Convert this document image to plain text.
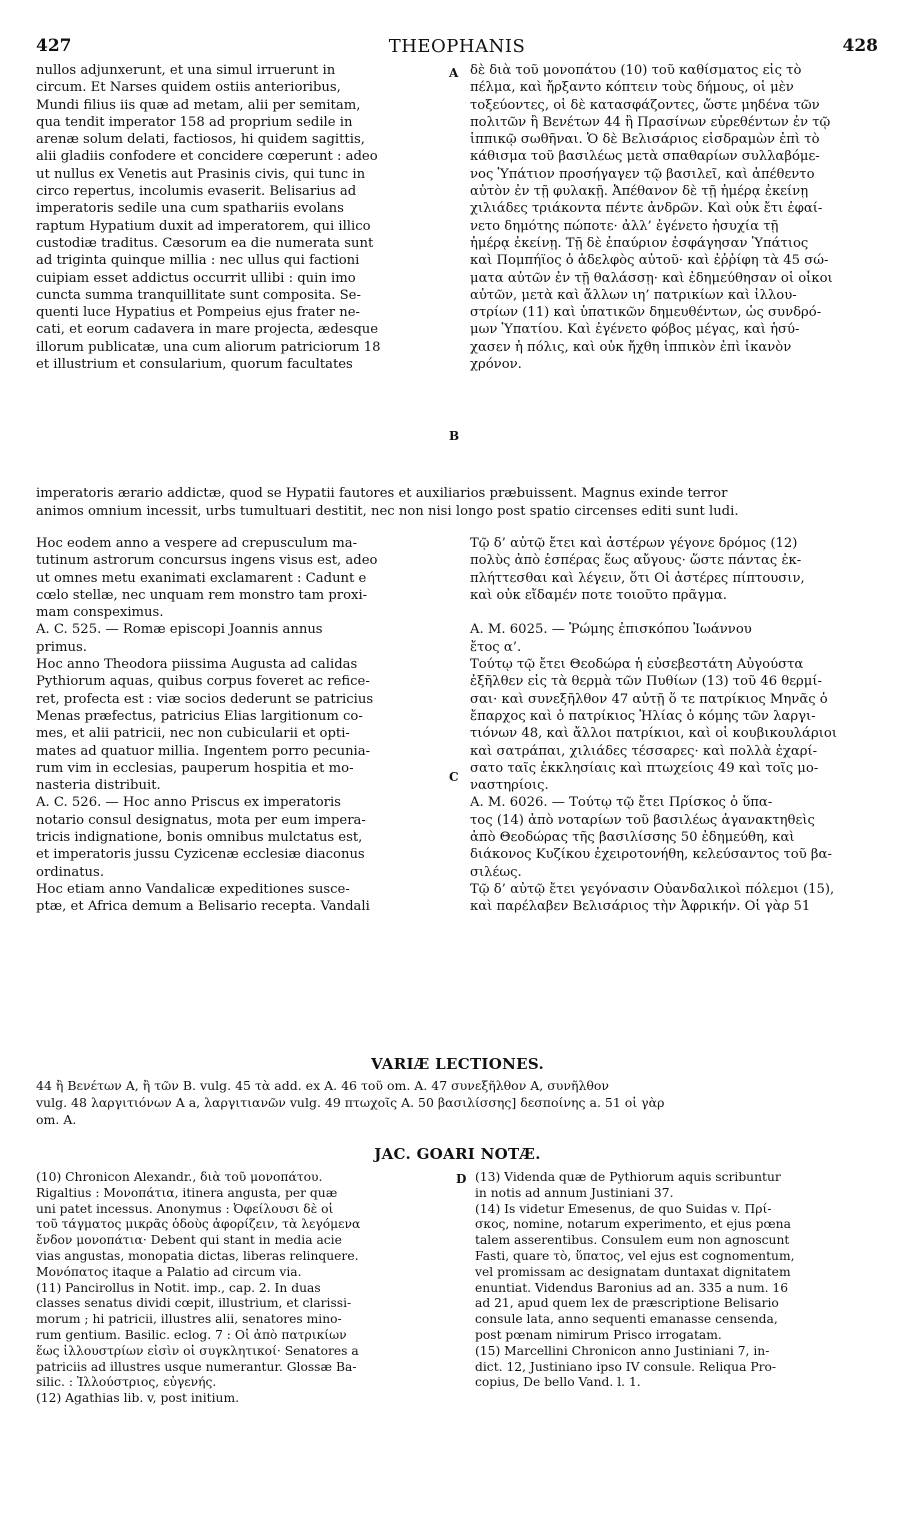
427	THEOPHANIS	428
nullos adjunxerunt, et una simul irruerunt in
circum. Et Narses quidem ostiis anterioribus,
Mundi filius iis quæ ad metam, alii per semitam,
qua tendit imperator 158 ad proprium sedile in
arenæ solum delati, factiosos, hi quidem sagittis,
alii gladiis confodere et concidere cœperunt : adeo
ut nullus ex Venetis aut Prasinis civis, qui tunc in
circo repertus, incolumis evaserit. Belisarius ad
imperatoris sedile una cum spathariis evolans
raptum Hypatium duxit ad imperatorem, qui illico
custodiæ traditus. Cæsorum ea die numerata sunt
ad triginta quinque millia : nec ullus qui factioni
cuipiam esset addictus occurrit ullibi : quin imo
cuncta summa tranquillitate sunt composita. Se-
quenti luce Hypatius et Pompeius ejus frater ne-
cati, et eorum cadavera in mare projecta, ædesque
illorum publicatæ, una cum aliorum patriciorum 18
et illustrium et consularium, quorum facultates
δὲ διὰ τοῦ μονοπάτου (10) τοῦ καθίσματος εἰς τὸ
πέλμα, καὶ ἤρξαντο κόπτειν τοὺς δήμους, οἱ μὲν
τοξεύοντες, οἱ δὲ κατασφάζοντες, ὥστε μηδένα τῶν
πολιτῶν ἢ Βενέτων 44 ἢ Πρασίνων εὑρεθέντων ἐν τῷ
ἱππικῷ σωθῆναι. Ὁ δὲ Βελισάριος εἰσδραμὼν ἐπὶ τὸ
κάθισμα τοῦ βασιλέως μετὰ σπαθαρίων συλλαβόμε-
νος Ὑπάτιον προσήγαγεν τῷ βασιλεῖ, καὶ ἀπέθεντο
αὐτὸν ἐν τῇ φυλακῇ. Ἀπέθανον δὲ τῇ ἡμέρᾳ ἐκείνῃ
χιλιάδες τριάκοντα πέντε ἀνδρῶν. Καὶ οὐκ ἔτι ἐφαί-
νετο δημότης πώποτε· ἀλλ’ ἐγένετο ἡσυχία τῇ
ἡμέρᾳ ἐκείνῃ. Τῇ δὲ ἐπαύριον ἐσφάγησαν Ὑπάτιος
καὶ Πομπήϊος ὁ ἀδελφὸς αὐτοῦ· καὶ ἐῤῥίφη τὰ 45 σώ-
ματα αὐτῶν ἐν τῇ θαλάσσῃ· καὶ ἐδημεύθησαν οἱ οἶκοι
αὐτῶν, μετὰ καὶ ἄλλων ιη’ πατρικίων καὶ ἰλλου-
στρίων (11) καὶ ὑπατικῶν δημευθέντων, ὡς συνδρό-
μων Ὑπατίου. Καὶ ἐγένετο φόβος μέγας, καὶ ἡσύ-
χασεν ἡ πόλις, καὶ οὐκ ἤχθη ἱππικὸν ἐπὶ ἱκανὸν
χρόνον.
A
B
C
imperatoris ærario addictæ, quod se Hypatii fautores et auxiliarios præbuissent. Magnus exinde terror
animos omnium incessit, urbs tumultuari destitit, nec non nisi longo post spatio circenses editi sunt ludi.
Hoc eodem anno a vespere ad crepusculum ma-
tutinum astrorum concursus ingens visus est, adeo
ut omnes metu exanimati exclamarent : Cadunt e
cœlo stellæ, nec unquam rem monstro tam proxi-
mam conspeximus.
A. C. 525. — Romæ episcopi Joannis annus
primus.
Hoc anno Theodora piissima Augusta ad calidas
Pythiorum aquas, quibus corpus foveret ac refice-
ret, profecta est : viæ socios dederunt se patricius
Menas præfectus, patricius Elias largitionum co-
mes, et alii patricii, nec non cubicularii et opti-
mates ad quatuor millia. Ingentem porro pecunia-
rum vim in ecclesias, pauperum hospitia et mo-
nasteria distribuit.
A. C. 526. — Hoc anno Priscus ex imperatoris
notario consul designatus, mota per eum impera-
tricis indignatione, bonis omnibus mulctatus est,
et imperatoris jussu Cyzicenæ ecclesiæ diaconus
ordinatus.
Hoc etiam anno Vandalicæ expeditiones susce-
ptæ, et Africa demum a Belisario recepta. Vandali
Τῷ δ’ αὐτῷ ἔτει καὶ ἀστέρων γέγονε δρόμος (12)
πολὺς ἀπὸ ἑσπέρας ἕως αὔγους· ὥστε πάντας ἐκ-
πλήττεσθαι καὶ λέγειν, ὅτι Οἱ ἀστέρες πίπτουσιν,
καὶ οὐκ εἴδαμέν ποτε τοιοῦτο πρᾶγμα.

A. M. 6025. — Ῥώμης ἐπισκόπου Ἰωάννου
ἔτος α’.
Τούτῳ τῷ ἔτει Θεοδώρα ἡ εὐσεβεστάτη Αὐγούστα
ἐξῆλθεν εἰς τὰ θερμὰ τῶν Πυθίων (13) τοῦ 46 θερμί-
σαι· καὶ συνεξῆλθον 47 αὐτῇ ὅ τε πατρίκιος Μηνᾶς ὁ
ἔπαρχος καὶ ὁ πατρίκιος Ἠλίας ὁ κόμης τῶν λαργι-
τιόνων 48, καὶ ἄλλοι πατρίκιοι, καὶ οἱ κουβικουλάριοι
καὶ σατράπαι, χιλιάδες τέσσαρες· καὶ πολλὰ ἐχαρί-
σατο ταῖς ἐκκλησίαις καὶ πτωχείοις 49 καὶ τοῖς μο-
ναστηρίοις.
A. M. 6026. — Τούτῳ τῷ ἔτει Πρίσκος ὁ ὕπα-
τος (14) ἀπὸ νοταρίων τοῦ βασιλέως ἀγανακτηθεὶς
ἀπὸ Θεοδώρας τῆς βασιλίσσης 50 ἐδημεύθη, καὶ
διάκονος Κυζίκου ἐχειροτονήθη, κελεύσαντος τοῦ βα-
σιλέως.
Τῷ δ’ αὐτῷ ἔτει γεγόνασιν Οὐανδαλικοὶ πόλεμοι (15),
καὶ παρέλαβεν Βελισάριος τὴν Ἀφρικήν. Οἱ γὰρ 51
VARIÆ LECTIONES.
44 ἢ Βενέτων A, ἢ τῶν B. vulg. 45 τὰ add. ex A. 46 τοῦ om. A. 47 συνεξῆλθον A, συνῆλθον
vulg. 48 λαργιτιόνων A a, λαργιτιανῶν vulg. 49 πτωχοῖς A. 50 βασιλίσσης] δεσποίνης a. 51 οἱ γὰρ
om. A.
JAC. GOARI NOTÆ.
D
(10) Chronicon Alexandr., διὰ τοῦ μονοπάτου.
Rigaltius : Μονοπάτια, itinera angusta, per quæ
uni patet incessus. Anonymus : Ὀφείλουσι δὲ οἱ
τοῦ τάγματος μικρᾶς ὁδοὺς ἀφορίζειν, τὰ λεγόμενα
ἔνδον μονοπάτια· Debent qui stant in media acie
vias angustas, monopatia dictas, liberas relinquere.
Μονόπατος itaque a Palatio ad circum via.
(11) Pancirollus in Notit. imp., cap. 2. In duas
classes senatus dividi cœpit, illustrium, et clarissi-
morum ; hi patricii, illustres alii, senatores mino-
rum gentium. Basilic. eclog. 7 : Οἱ ἀπὸ πατρικίων
ἕως ἰλλουστρίων εἰσὶν οἱ συγκλητικοί· Senatores a
patriciis ad illustres usque numerantur. Glossæ Ba-
silic. : Ἰλλούστριος, εὐγενής.
(12) Agathias lib. v, post initium.
(13) Videnda quæ de Pythiorum aquis scribuntur
in notis ad annum Justiniani 37.
(14) Is videtur Emesenus, de quo Suidas v. Πρί-
σκος, nomine, notarum experimento, et ejus pœna
talem asserentibus. Consulem eum non agnoscunt
Fasti, quare τὸ, ὕπατος, vel ejus est cognomentum,
vel promissam ac designatam duntaxat dignitatem
enuntiat. Videndus Baronius ad an. 335 a num. 16
ad 21, apud quem lex de præscriptione Belisario
consule lata, anno sequenti emanasse censenda,
post pœnam nimirum Prisco irrogatam.
(15) Marcellini Chronicon anno Justiniani 7, in-
dict. 12, Justiniano ipso IV consule. Reliqua Pro-
copius, De bello Vand. l. 1.
